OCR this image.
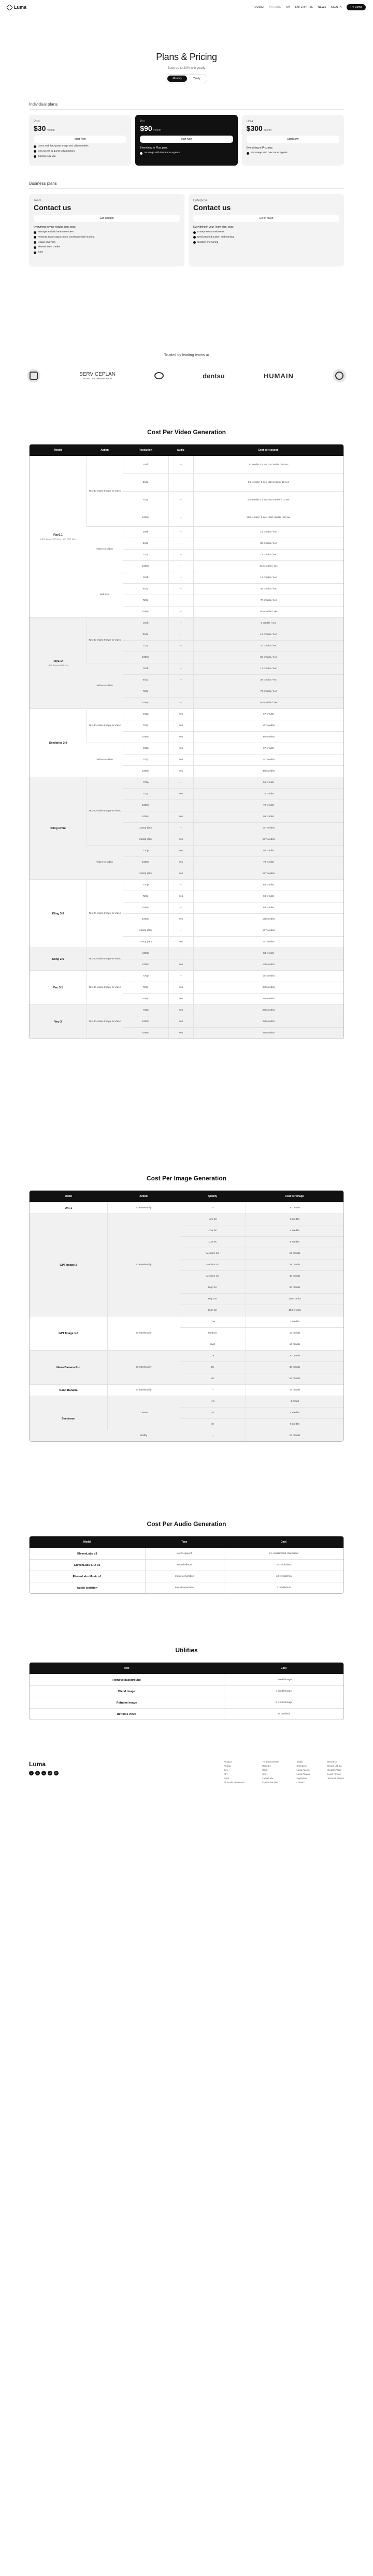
Luma	PRODUCT PRICING API ENTERPRISE NEWS SIGN IN	Try Luma
Plans & Pricing
Save up to 20% with yearly
Monthly	Yearly
Individual plans
Plus
$30 /month
Start Now
Luma and third-party image and video models
Get access to guest collaborators
Commercial use
Pro
$90 /month
Start Now
Everything in Plus, plus:
4x usage with Dev Luma Agents
Ultra
$300 /month
Start Now
Everything in Pro, plus:
15x usage with Dev Luma Agents
Business plans
Team
Contact us
Get in touch
Everything in your regular plan, plus:
Manage and add team members
Projects, team organization, and team-wide sharing
Usage analytics
Shared team credits
SSO
Enterprise
Contact us
Get in touch
Everything in your Team plan, plus:
Enterprise commitments
Dedicated education and training
Custom fine-tuning
Trusted by leading teams at
SERVICEPLAN
HOUSE OF COMMUNICATION	dentsu	HUMAIN
Cost Per Video Generation
Model	Action	Resolution	Audio	Cost per second

Ray3.1
HDR Stored HDR 16-s HDR EXR 16-s	Text-to-Video Image-to-Video	Draft	–	12 credits / 5 sec 24 credits / 10 sec
		540p	–	96 credits / 5 sec 192 credits / 10 sec
		720p	–	200 credits / 5 sec 400 credits / 10 sec
		1080p	–	900 credits / 5 sec 1800 credits / 10 sec
	Video-to-Video	Draft	–	12 credits / sec
		540p	–	38 credits / sec
		720p	–	72 credits / sec
		1080p	–	144 credits / sec
	Reframe	Draft	–	12 credits / sec
		540p	–	38 credits / sec
		720p	–	72 credits / sec
		1080p	–	144 credits / sec

Ray3.14
HDR Stored HDR 16-s	Text-to-Video Image-to-Video	Draft	–	6 credits / sec
		540p	–	15 credits / sec
		720p	–	30 credits / sec
		1080p	–	60 credits / sec
	Video-to-Video	Draft	–	12 credits / sec
		540p	–	38 credits / sec
		720p	–	76 credits / sec
		1080p	–	144 credits / sec

Seedance 2.0	Text-to-Video Image-to-Video	480p	Yes	67 credits
		720p	Yes	147 credits
		1080p	Yes	348 credits
	Video-to-Video	480p	Yes	67 credits
		720p	Yes	147 credits
		1080p	Yes	348 credits

Kling Omni	Text-to-Video Image-to-Video	720p	–	50 credits
		720p	Yes	70 credits
		1080p	–	70 credits
		1080p	Yes	94 credits
		2160p (4K)	–	197 credits
		2160p (4K)	Yes	197 credits
	Video-to-Video	720p	Yes	50 credits
		1080p	Yes	70 credits
		2160p (4K)	Yes	197 credits

Kling 3.0	Text-to-Video Image-to-Video	720p	–	64 credits
		720p	Yes	96 credits
		1080p	–	84 credits
		1080p	Yes	128 credits
		2160p (4K)	–	197 credits
		2160p (4K)	Yes	197 credits

Kling 2.6	Text-to-Video Image-to-Video	1080p	–	84 credits
		1080p	Yes	168 credits

Veo 3.1	Text-to-Video Image-to-Video	720p	–	144 credits
		720p	Yes	288 credits
		1080p	Yes	288 credits

Veo 3	Text-to-Video Image-to-Video	720p	Yes	288 credits
		1080p	Yes	288 credits
		1080p	Yes	288 credits
Cost Per Image Generation
Model	Action	Quality	Cost per Image

Uni-1	Create/Modify	–	30 credits

GPT Image 2	Create/Modify	Low 1K	3 credits
		Low 2K	4 credits
		Low 4K	6 credits
		Medium 1K	16 credits
		Medium 2K	28 credits
		Medium 4K	48 credits
		High 1K	60 credits
		High 2K	108 credits
		High 4K	198 credits

GPT Image 1.5	Create/Modify	Low	3 credits
		Medium	12 credits
		High	64 credits

Nano Banana Pro	Create/Modify	1K	30 credits
		2K	30 credits
		4K	54 credits

Nano Banana	Create/Modify	–	16 credits

Seedream	Create	1K	1 credit
		2K	4 credits
		4K	8 credits
	Modify	–	14 credits
Cost Per Audio Generation
Model	Type	Cost
ElevenLabs v3	text-to-speech	21 credits/1000 characters
ElevenLabs SFX v2	sound effects	10 credits/sec
ElevenLabs Music v1	music generation	48 credits/min
Audio Isolation	sound separation	3 credits/min
Utilities
Tool	Cost
Remove background	1 credit/image
Blend image	1 credit/image
Reframe image	2 credits/image
Reframe video	26 credits/s
Luma
X	IG	in	YT	TT
Product
Pricing
Dev
API
Ray3
All Product Research
Try Luma Dream
Ray3.14
Ray3
Uni-1
Luma Labs
Dream Machine
Studio
Enterprise
Luma Agents
Luma Photon
Inspiration
Careers
Research
Dream Lab LA
Creator Policy
Luma Privacy
Terms of Service
